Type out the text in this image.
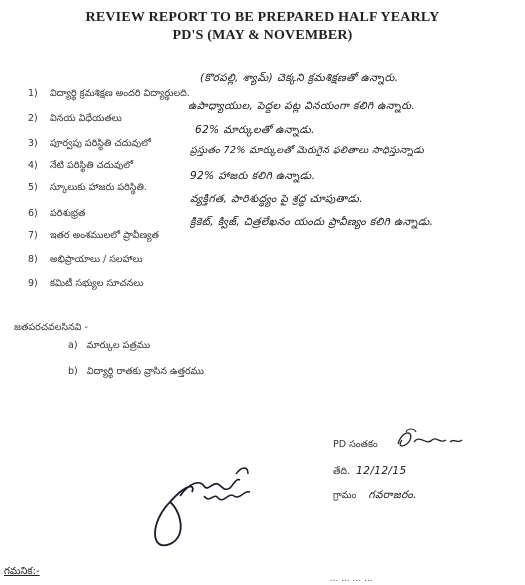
REVIEW REPORT TO BE PREPARED HALF YEARLY
PD'S (MAY & NOVEMBER)
1) విద్యార్థి క్రమశిక్షణ అందరి విద్యార్థులది.
(కొరపల్లి, శ్యామ్) చెక్కని క్రమశిక్షణతో ఉన్నారు.
2) వినయ విధేయతలు
ఉపాధ్యాయుల, పెద్దల పట్ల వినయంగా కలిగి ఉన్నారు.
3) పూర్వపు పరిస్థితి చదువులో
62% మార్కులతో ఉన్నాడు.
4) నేటి పరిస్థితి చదువులో
ప్రస్తుతం 72% మార్కులతో మెరుగైన ఫలితాలు సాధిస్తున్నాడు
5) స్కూలుకు హాజరు పరిస్థితి.
92% హాజరు కలిగి ఉన్నాడు.
6) పరిశుభ్రత
వ్యక్తిగత, పారిశుద్ధ్యం పై శ్రద్ధ చూపుతాడు.
7) ఇతర అంశములలో ప్రావీణ్యత
క్రికెట్, క్విజ్, చిత్రలేఖనం యందు ప్రావీణ్యం కలిగి ఉన్నాడు.
8) అభిప్రాయాలు / సలహాలు
9) కమిటీ సభ్యుల సూచనలు
జతపరచవలసినవి -
a) మార్కుల పత్రము
b) విద్యార్థి రాతకు వ్రాసిన ఉత్తరము
PD సంతకం
తేది. 12/12/15
గ్రామం గవరాజరం.
గమనిక:-
... ... ... ...
